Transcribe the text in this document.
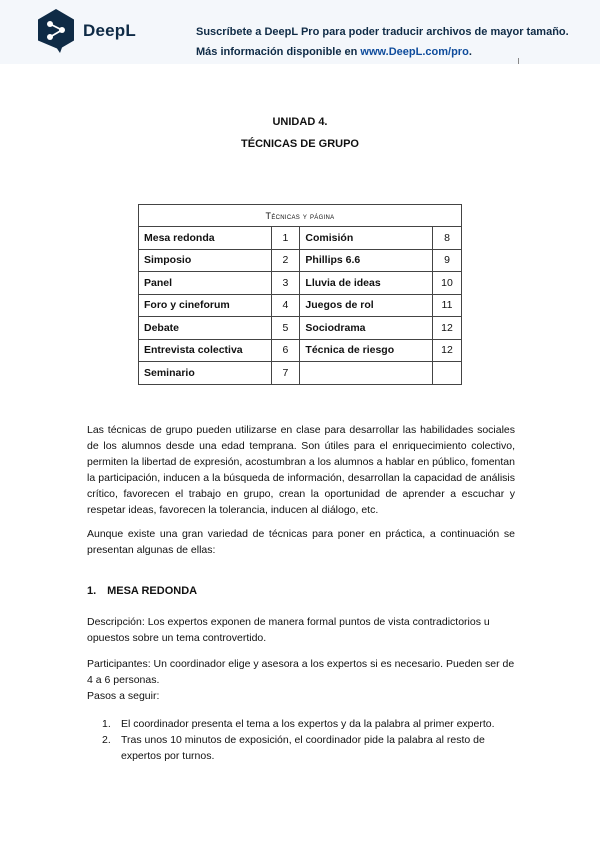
DeepL	Suscríbete a DeepL Pro para poder traducir archivos de mayor tamaño.
Más información disponible en www.DeepL.com/pro.
UNIDAD 4.
TÉCNICAS DE GRUPO
Técnicas y página			
Mesa redonda	1	Comisión	8
Simposio	2	Phillips 6.6	9
Panel	3	Lluvia de ideas	10
Foro y cineforum	4	Juegos de rol	11
Debate	5	Sociodrama	12
Entrevista colectiva	6	Técnica de riesgo	12
Seminario	7		
Las técnicas de grupo pueden utilizarse en clase para desarrollar las habilidades sociales de los alumnos desde una edad temprana. Son útiles para el enriquecimiento colectivo, permiten la libertad de expresión, acostumbran a los alumnos a hablar en público, fomentan la participación, inducen a la búsqueda de información, desarrollan la capacidad de análisis crítico, favorecen el trabajo en grupo, crean la oportunidad de aprender a escuchar y respetar ideas, favorecen la tolerancia, inducen al diálogo, etc.
Aunque existe una gran variedad de técnicas para poner en práctica, a continuación se presentan algunas de ellas:
1. MESA REDONDA
Descripción: Los expertos exponen de manera formal puntos de vista contradictorios u opuestos sobre un tema controvertido.
Participantes: Un coordinador elige y asesora a los expertos si es necesario. Pueden ser de 4 a 6 personas.
Pasos a seguir:
1. El coordinador presenta el tema a los expertos y da la palabra al primer experto.
2. Tras unos 10 minutos de exposición, el coordinador pide la palabra al resto de expertos por turnos.
